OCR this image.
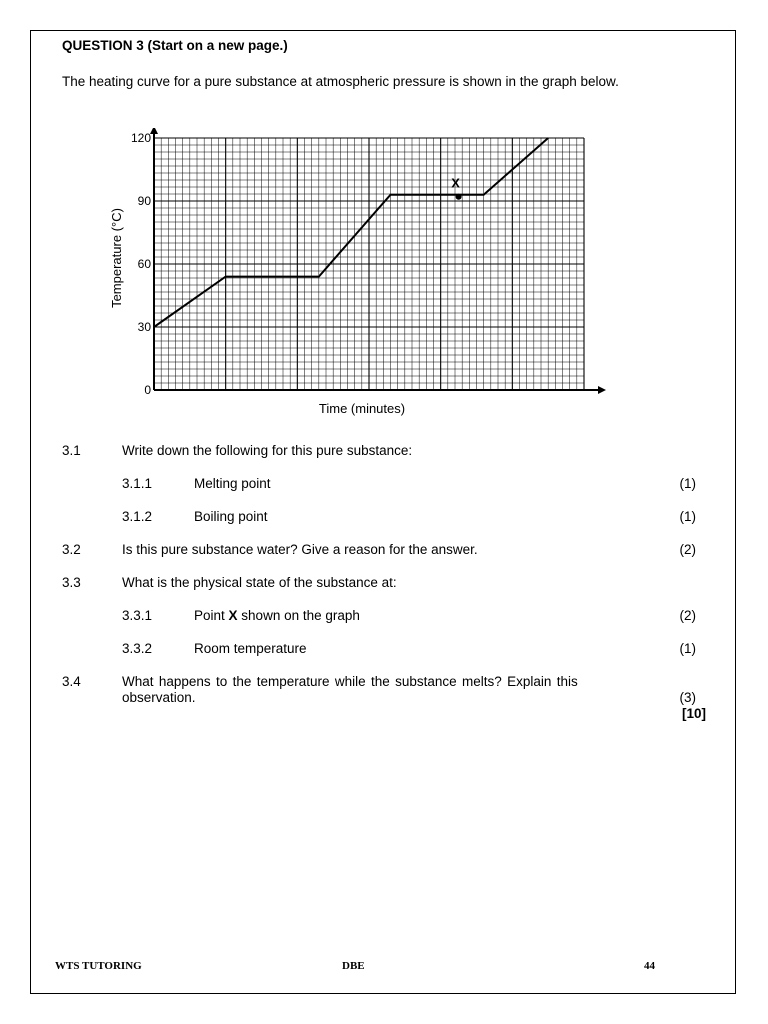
QUESTION 3 (Start on a new page.)
The heating curve for a pure substance at atmospheric pressure is shown in the graph below.
0
30
60
90
120
X
Temperature (°C)
Time (minutes)
3.1	Write down the following for this pure substance:
3.1.1	Melting point	(1)
3.1.2	Boiling point	(1)
3.2	Is this pure substance water? Give a reason for the answer.	(2)
3.3	What is the physical state of the substance at:
3.3.1	Point X shown on the graph	(2)
3.3.2	Room temperature	(1)
3.4	What happens to the temperature while the substance melts? Explain this
observation.	(3)
[10]
WTS TUTORING	DBE	44
